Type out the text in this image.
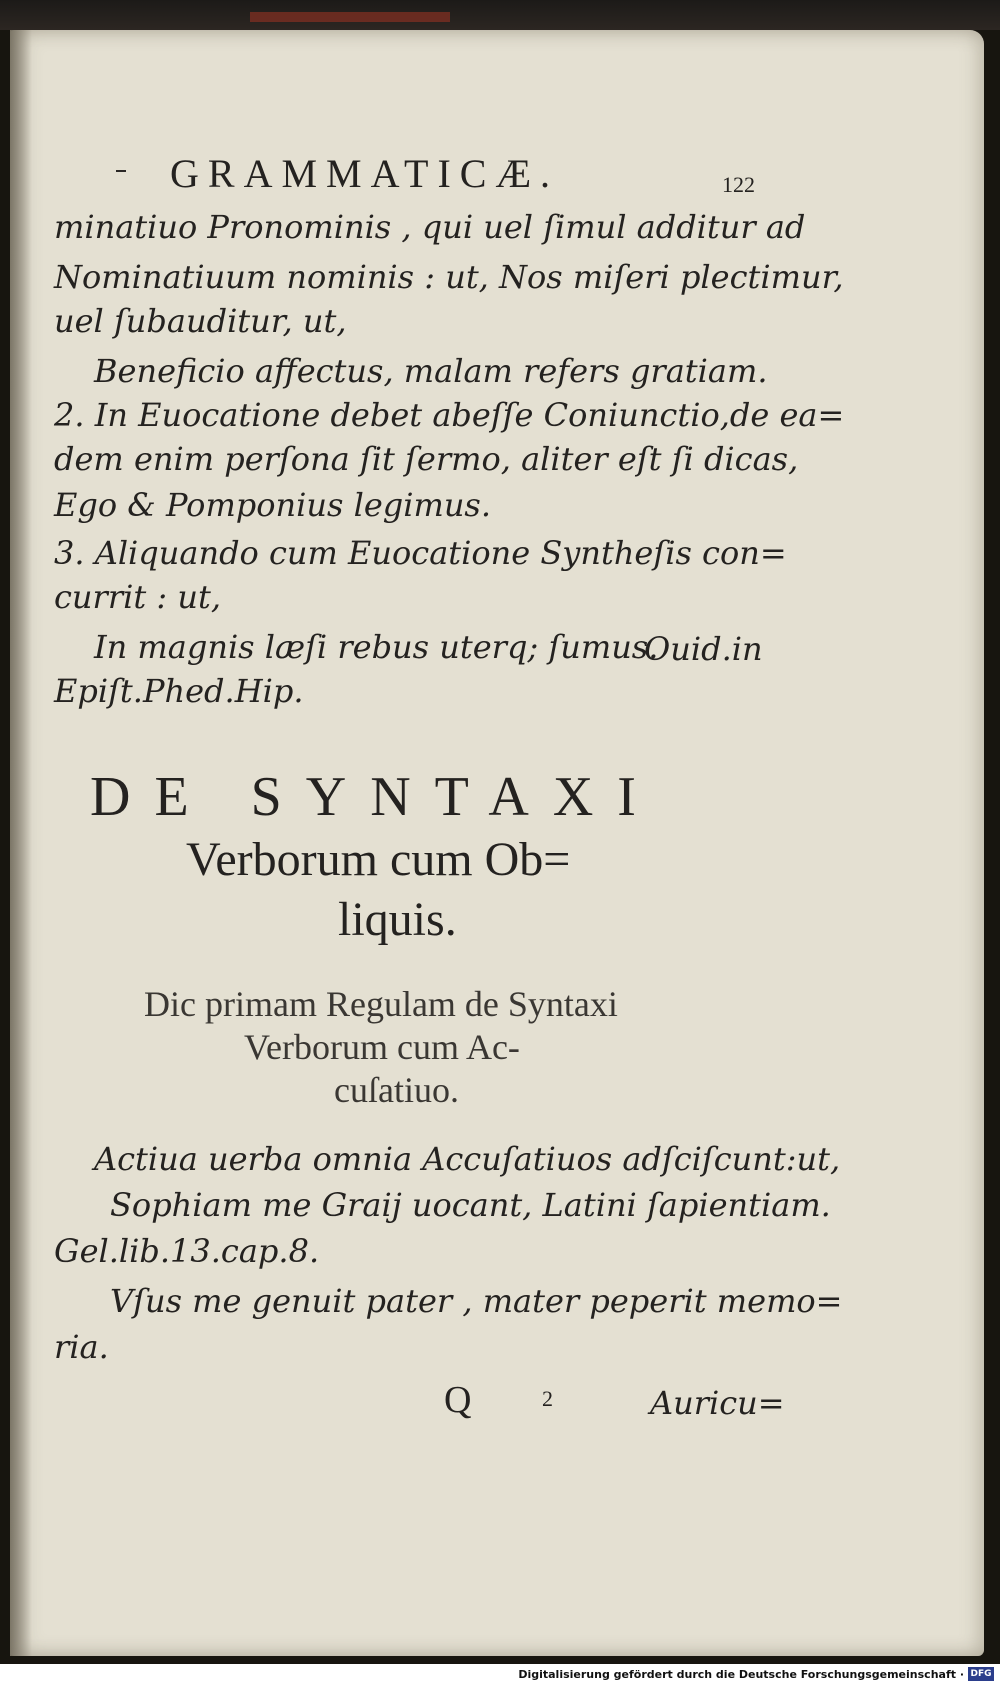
GRAMMATICÆ.	122
minatiuo Pronominis , qui uel ſimul additur ad
Nominatiuum nominis : ut, Nos miſeri plectimur,
uel ſubauditur, ut,
Beneficio affectus, malam refers gratiam.
2. In Euocatione debet abeſſe Coniunctio,de ea=
dem enim perſona ſit ſermo, aliter eſt ſi dicas,
Ego & Pomponius legimus.
3. Aliquando cum Euocatione Syntheſis con=
currit : ut,
In magnis læſi rebus uterq; ſumus.
Ouid.in
Epiſt.Phed.Hip.
DE SYNTAXI
Verborum cum Ob=
liquis.
Dic primam Regulam de Syntaxi
Verborum cum Ac-
cuſatiuo.
Actiua uerba omnia Accuſatiuos adſciſcunt:ut,
Sophiam me Graij uocant, Latini ſapientiam.
Gel.lib.13.cap.8.
Vſus me genuit pater , mater peperit memo=
ria.
Q	2	Auricu=
Digitalisierung gefördert durch die Deutsche Forschungsgemeinschaft · DFG
